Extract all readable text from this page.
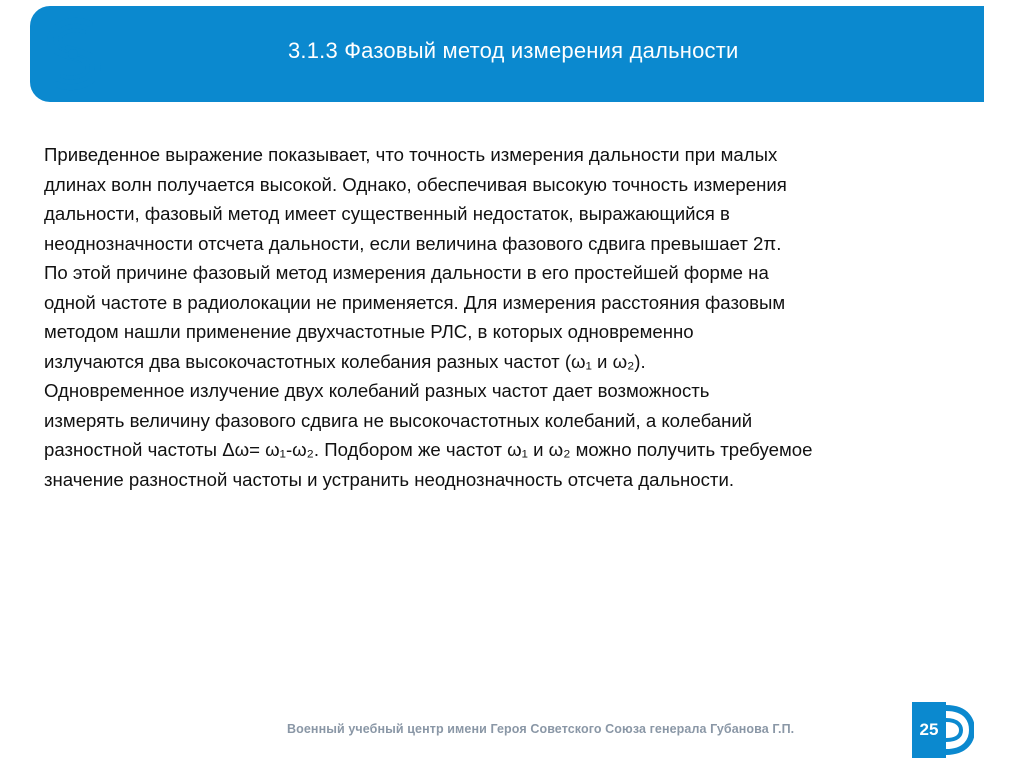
3.1.3 Фазовый метод измерения дальности
Приведенное выражение показывает, что точность измерения дальности при малых
длинах волн получается высокой. Однако, обеспечивая высокую точность измерения
дальности, фазовый метод имеет существенный недостаток, выражающийся в
неоднозначности отсчета дальности, если величина фазового сдвига превышает 2π.
По этой причине фазовый метод измерения дальности в его простейшей форме на
одной частоте в радиолокации не применяется. Для измерения расстояния фазовым
методом нашли применение двухчастотные РЛС, в которых одновременно
излучаются два высокочастотных колебания разных частот (ω₁ и ω₂).
Одновременное излучение двух колебаний разных частот дает возможность
измерять величину фазового сдвига не высокочастотных колебаний, а колебаний
разностной частоты Δω= ω₁-ω₂. Подбором же частот ω₁ и ω₂ можно получить требуемое
значение разностной частоты и устранить неоднозначность отсчета дальности.
Военный учебный центр имени Героя Советского Союза генерала Губанова Г.П.	25
